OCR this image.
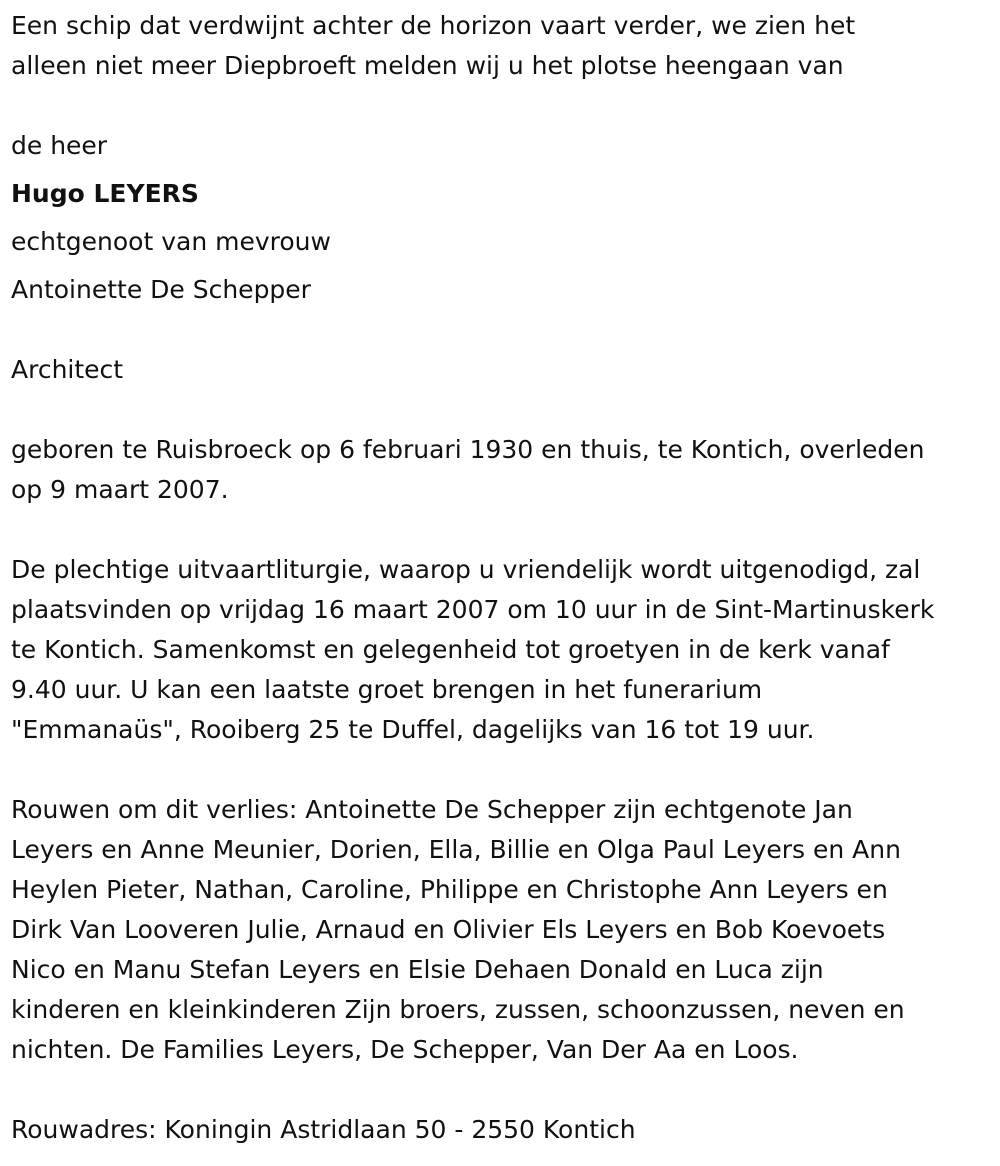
Een schip dat verdwijnt achter de horizon vaart verder, we zien het
alleen niet meer Diepbroeft melden wij u het plotse heengaan van

de heer

Hugo LEYERS

echtgenoot van mevrouw

Antoinette De Schepper

Architect

geboren te Ruisbroeck op 6 februari 1930 en thuis, te Kontich, overleden
op 9 maart 2007.

De plechtige uitvaartliturgie, waarop u vriendelijk wordt uitgenodigd, zal
plaatsvinden op vrijdag 16 maart 2007 om 10 uur in de Sint-Martinuskerk
te Kontich. Samenkomst en gelegenheid tot groetyen in de kerk vanaf
9.40 uur. U kan een laatste groet brengen in het funerarium
"Emmanaüs", Rooiberg 25 te Duffel, dagelijks van 16 tot 19 uur.

Rouwen om dit verlies: Antoinette De Schepper zijn echtgenote Jan
Leyers en Anne Meunier, Dorien, Ella, Billie en Olga Paul Leyers en Ann
Heylen Pieter, Nathan, Caroline, Philippe en Christophe Ann Leyers en
Dirk Van Looveren Julie, Arnaud en Olivier Els Leyers en Bob Koevoets
Nico en Manu Stefan Leyers en Elsie Dehaen Donald en Luca zijn
kinderen en kleinkinderen Zijn broers, zussen, schoonzussen, neven en
nichten. De Families Leyers, De Schepper, Van Der Aa en Loos.

Rouwadres: Koningin Astridlaan 50 - 2550 Kontich
